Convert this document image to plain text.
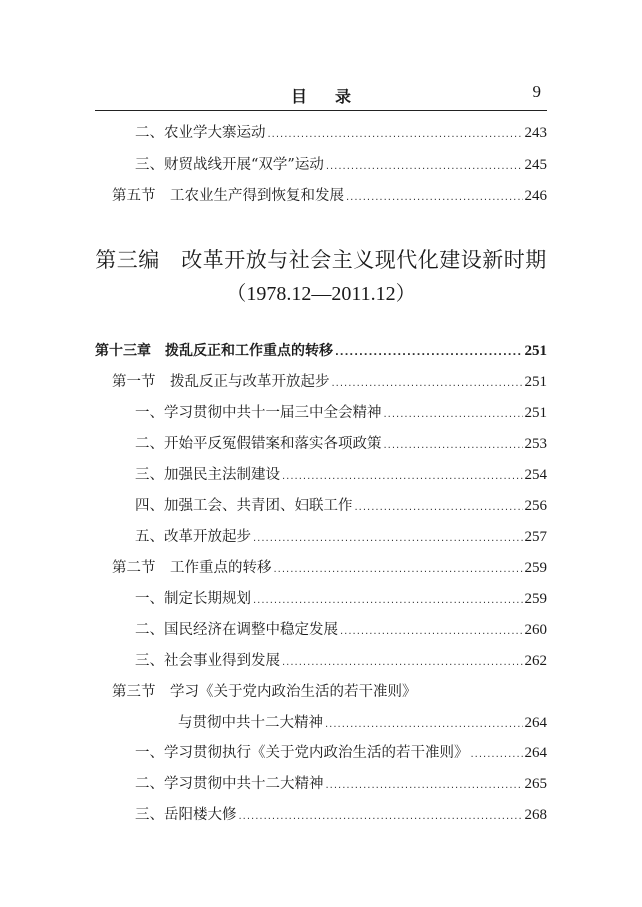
目录	9
二、农业学大寨运动 .....	243
三、财贸战线开展“双学”运动 .....	245
第五节　工农业生产得到恢复和发展 .....	246
第三编　改革开放与社会主义现代化建设新时期
（1978.12—2011.12）
第十三章　拨乱反正和工作重点的转移 .....	251
第一节　拨乱反正与改革开放起步 .....	251
一、学习贯彻中共十一届三中全会精神 .....	251
二、开始平反冤假错案和落实各项政策 .....	253
三、加强民主法制建设 .....	254
四、加强工会、共青团、妇联工作 .....	256
五、改革开放起步 .....	257
第二节　工作重点的转移 .....	259
一、制定长期规划 .....	259
二、国民经济在调整中稳定发展 .....	260
三、社会事业得到发展 .....	262
第三节　学习《关于党内政治生活的若干准则》
与贯彻中共十二大精神 .....	264
一、学习贯彻执行《关于党内政治生活的若干准则》 .....	264
二、学习贯彻中共十二大精神 .....	265
三、岳阳楼大修 .....	268
